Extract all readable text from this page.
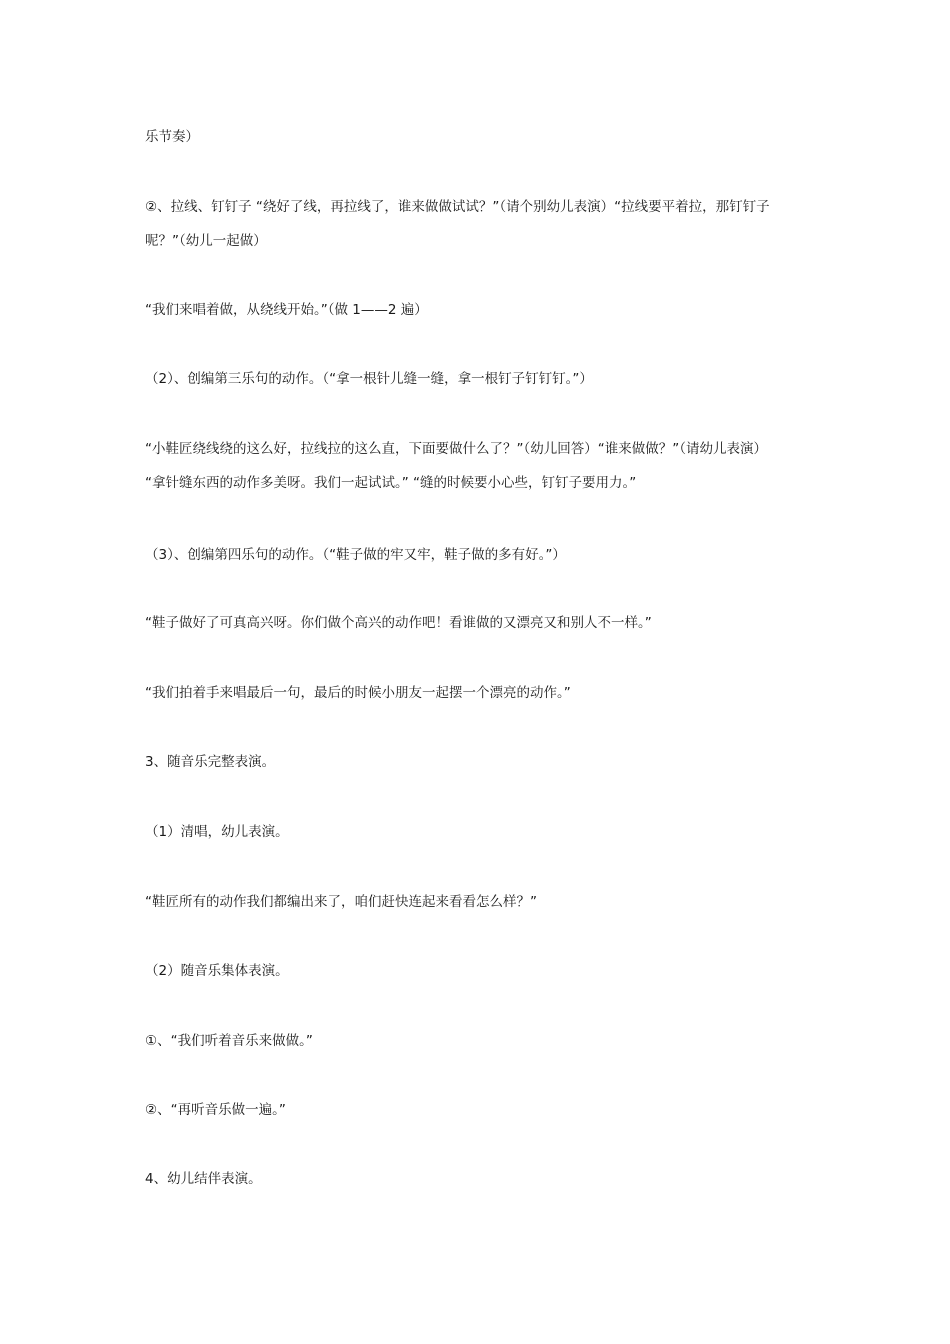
乐节奏）
②、拉线、钉钉子 “绕好了线，再拉线了，谁来做做试试？”（请个别幼儿表演）“拉线要平着拉，那钉钉子
呢？”（幼儿一起做）
“我们来唱着做，从绕线开始。”（做 1——2 遍）
（2）、创编第三乐句的动作。（“拿一根针儿缝一缝，拿一根钉子钉钉钉。”）
“小鞋匠绕线绕的这么好，拉线拉的这么直，下面要做什么了？”（幼儿回答）“谁来做做？”（请幼儿表演）
“拿针缝东西的动作多美呀。我们一起试试。” “缝的时候要小心些，钉钉子要用力。”
（3）、创编第四乐句的动作。（“鞋子做的牢又牢，鞋子做的多有好。”）
“鞋子做好了可真高兴呀。你们做个高兴的动作吧！看谁做的又漂亮又和别人不一样。”
“我们拍着手来唱最后一句，最后的时候小朋友一起摆一个漂亮的动作。”
3、随音乐完整表演。
（1）清唱，幼儿表演。
“鞋匠所有的动作我们都编出来了，咱们赶快连起来看看怎么样？”
（2）随音乐集体表演。
①、“我们听着音乐来做做。”
②、“再听音乐做一遍。”
4、幼儿结伴表演。
